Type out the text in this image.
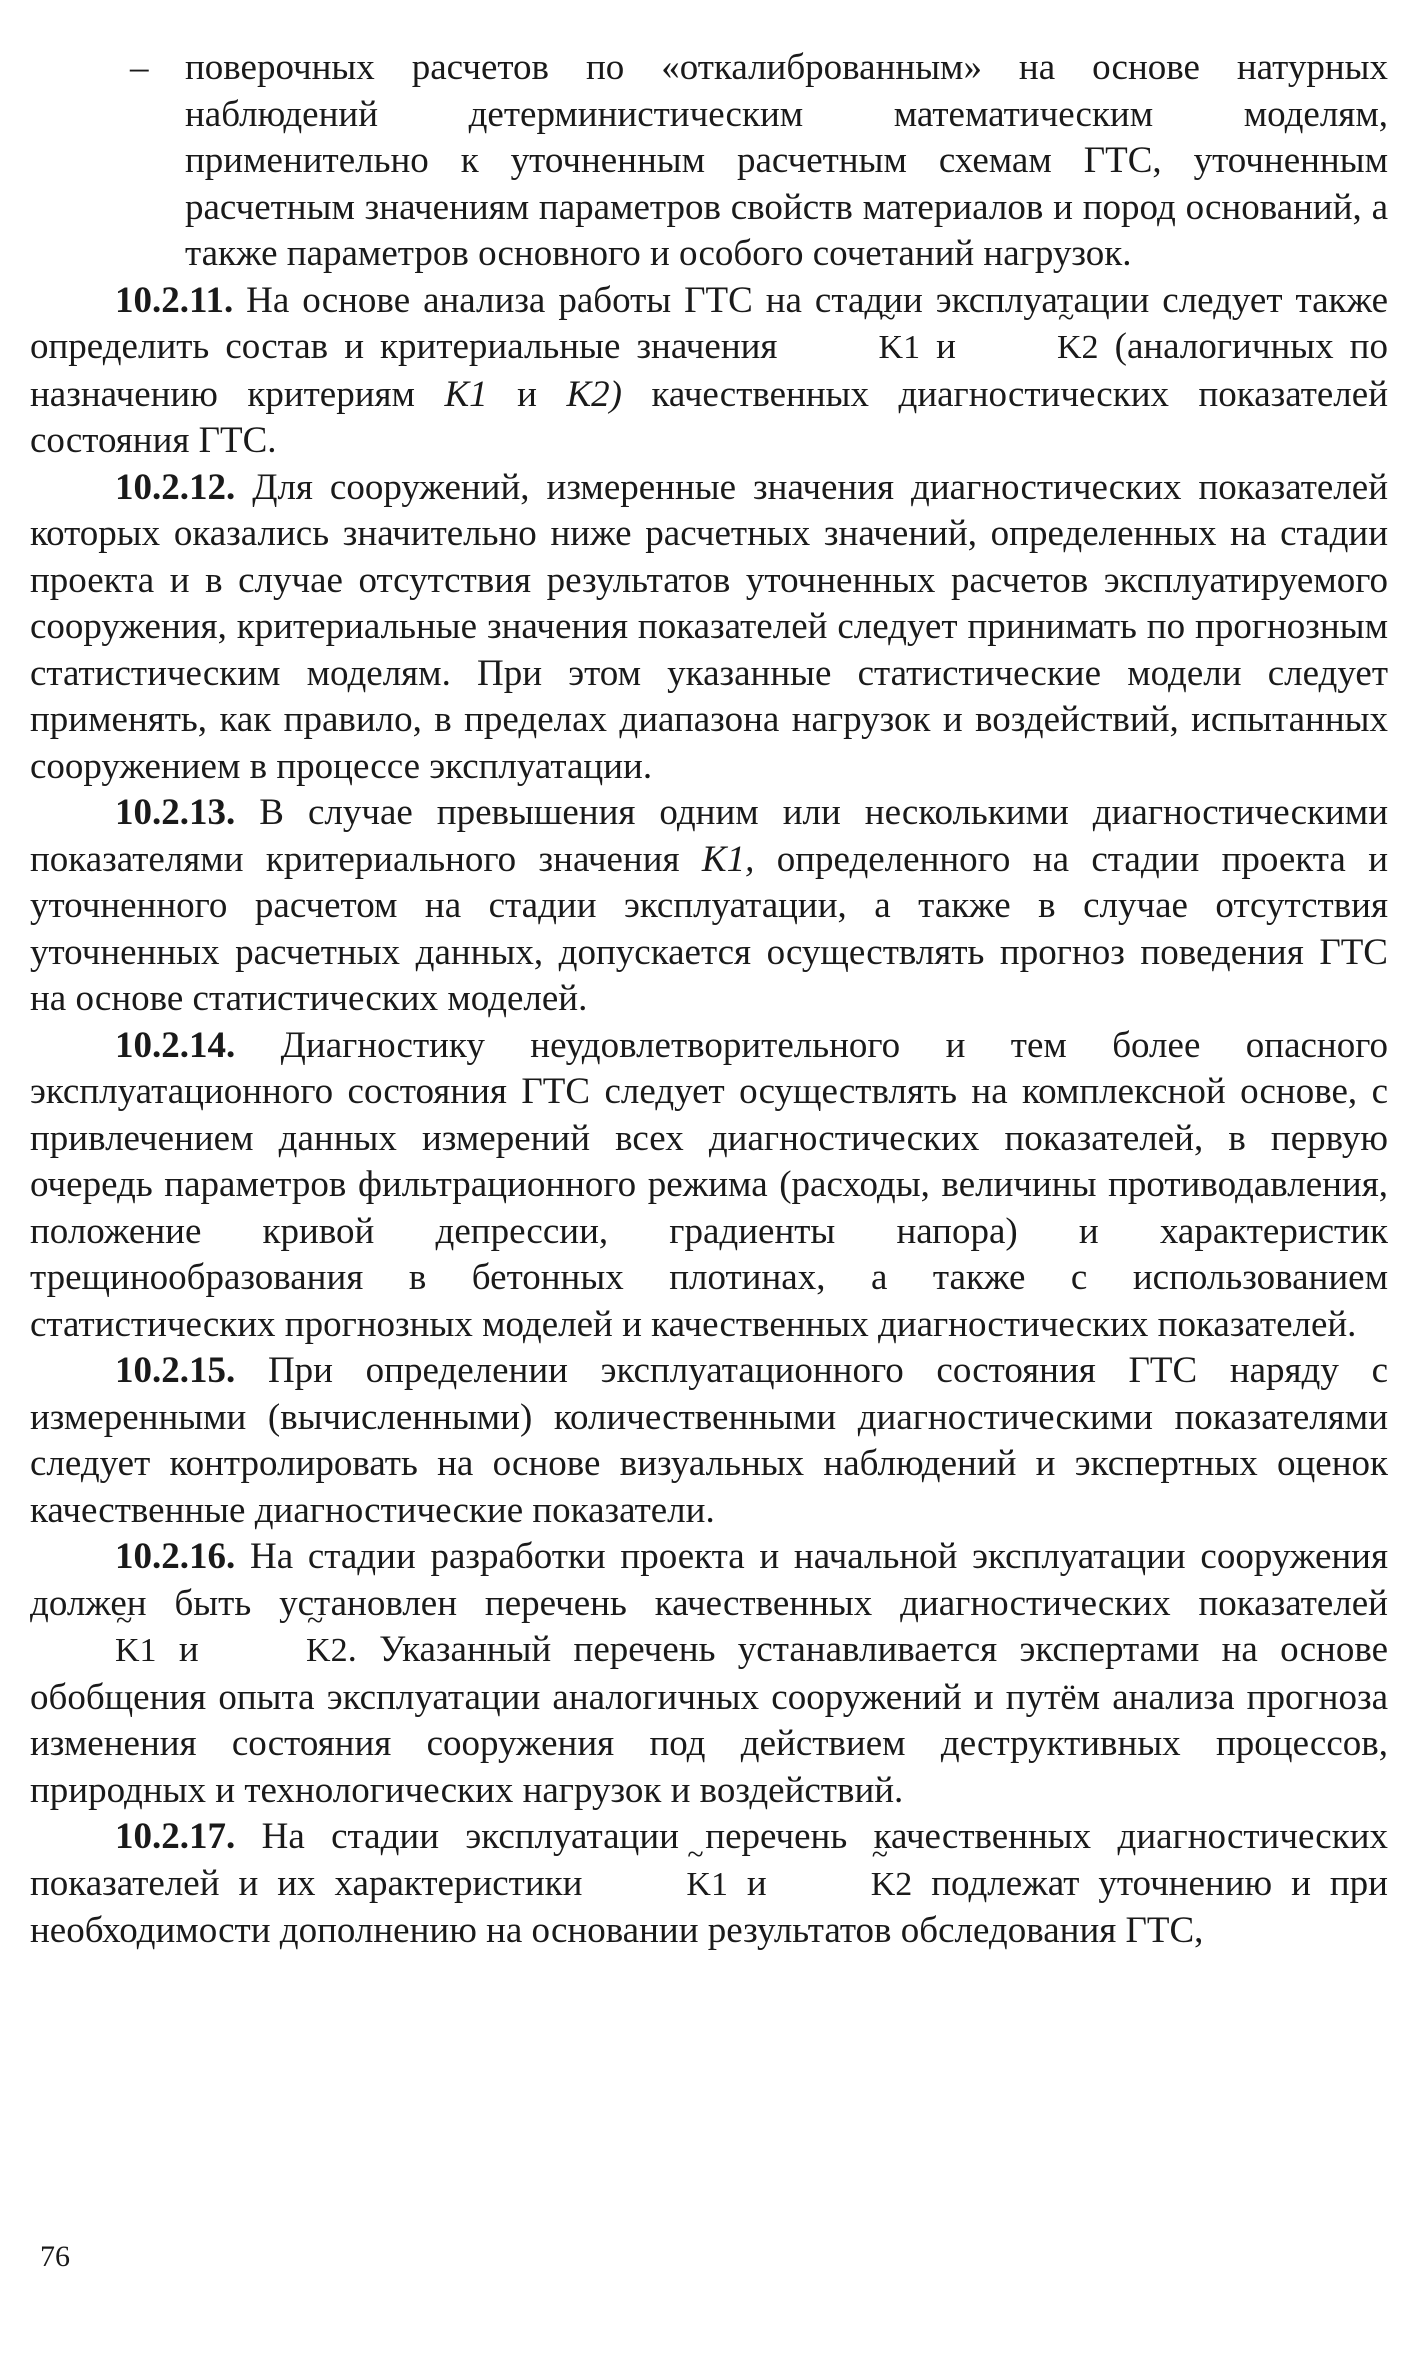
– поверочных расчетов по «откалиброванным» на основе натурных наблюдений детерминистическим математическим моделям, применительно к уточненным расчетным схемам ГТС, уточненным расчетным значениям параметров свойств материалов и пород оснований, а также параметров основного и особого сочетаний нагрузок.

10.2.11. На основе анализа работы ГТС на стадии эксплуатации следует также определить состав и критериальные значения	~ K1 и	~ K2 (аналогичных по назначению критериям K1 и K2) качественных диагностических показателей состояния ГТС.

10.2.12. Для сооружений, измеренные значения диагностических показателей которых оказались значительно ниже расчетных значений, определенных на стадии проекта и в случае отсутствия результатов уточненных расчетов эксплуатируемого сооружения, критериальные значения показателей следует принимать по прогнозным статистическим моделям. При этом указанные статистические модели следует применять, как правило, в пределах диапазона нагрузок и воздействий, испытанных сооружением в процессе эксплуатации.

10.2.13. В случае превышения одним или несколькими диагностическими показателями критериального значения K1, определенного на стадии проекта и уточненного расчетом на стадии эксплуатации, а также в случае отсутствия уточненных расчетных данных, допускается осуществлять прогноз поведения ГТС на основе статистических моделей.

10.2.14. Диагностику неудовлетворительного и тем более опасного эксплуатационного состояния ГТС следует осуществлять на комплексной основе, с привлечением данных измерений всех диагностических показателей, в первую очередь параметров фильтрационного режима (расходы, величины противодавления, положение кривой депрессии, градиенты напора) и характеристик трещинообразования в бетонных плотинах, а также с использованием статистических прогнозных моделей и качественных диагностических показателей.

10.2.15. При определении эксплуатационного состояния ГТС наряду с измеренными (вычисленными) количественными диагностическими показателями следует контролировать на основе визуальных наблюдений и экспертных оценок качественные диагностические показатели.

10.2.16. На стадии разработки проекта и начальной эксплуатации сооружения должен быть установлен перечень качественных диагностических показателей ~ K1 и	~ K2. Указанный перечень устанавливается экспертами на основе обобщения опыта эксплуатации аналогичных сооружений и путём анализа прогноза изменения состояния сооружения под действием деструктивных процессов, природных и технологических нагрузок и воздействий.

10.2.17. На стадии эксплуатации перечень качественных диагностических показателей и их характеристики	~ K1 и	~ K2 подлежат уточнению и при необходимости дополнению на основании результатов обследования ГТС,

76
